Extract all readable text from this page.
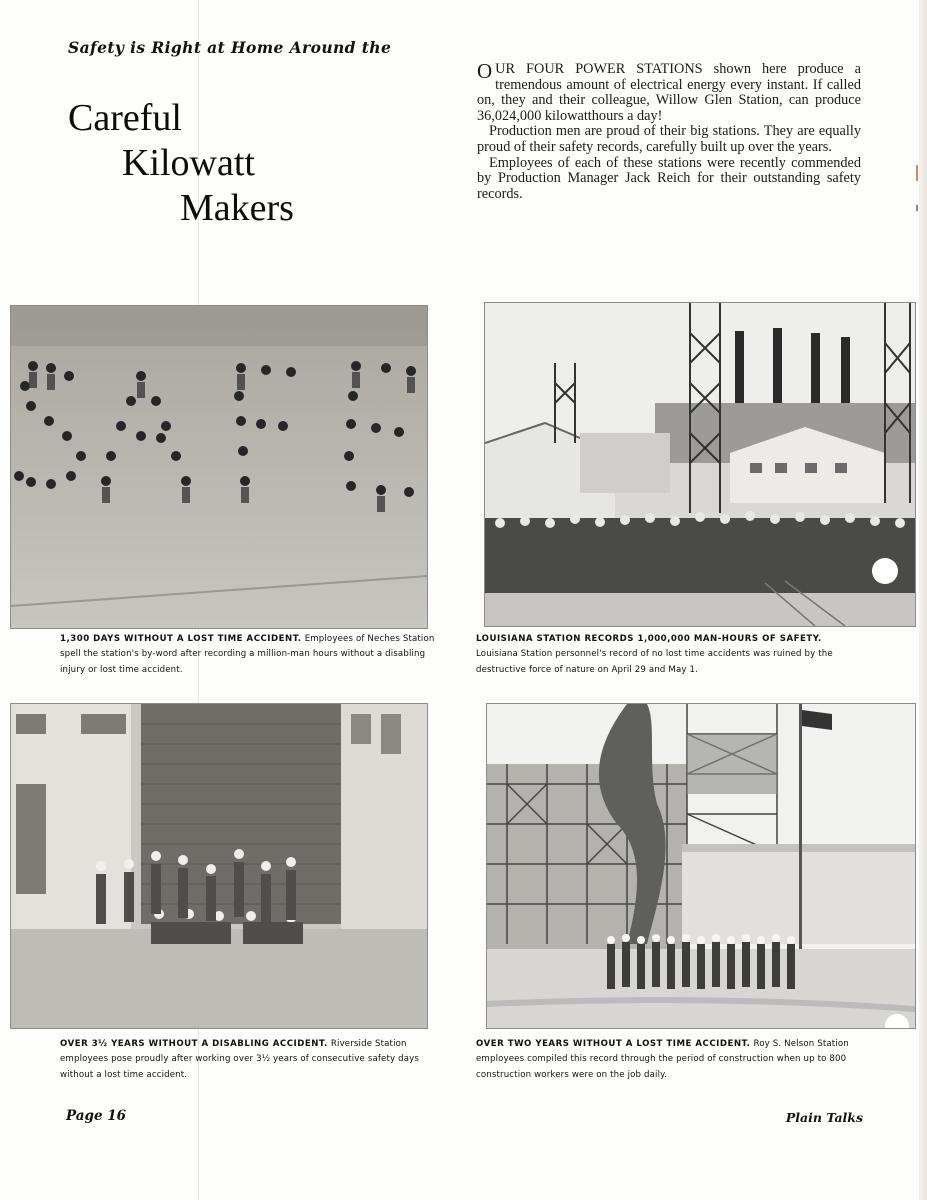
Safety is Right at Home Around the
Careful
Kilowatt
Makers

O UR FOUR POWER STATIONS shown here produce a tremendous amount of electrical energy every instant. If called on, they and their colleague, Willow Glen Station, can produce 36,024,000 kilowatthours a day!

Production men are proud of their big stations. They are equally proud of their safety records, carefully built up over the years.

Employees of each of these stations were recently commended by Production Manager Jack Reich for their outstanding safety records.

1,300 DAYS WITHOUT A LOST TIME ACCIDENT. Employees of Neches Station spell the station's by-word after recording a million-man hours without a disabling injury or lost time accident.
LOUISIANA STATION RECORDS 1,000,000 MAN-HOURS OF SAFETY. Louisiana Station personnel's record of no lost time accidents was ruined by the destructive force of nature on April 29 and May 1.
OVER 3½ YEARS WITHOUT A DISABLING ACCIDENT. Riverside Station employees pose proudly after working over 3½ years of consecutive safety days without a lost time accident.
OVER TWO YEARS WITHOUT A LOST TIME ACCIDENT. Roy S. Nelson Station employees compiled this record through the period of construction when up to 800 construction workers were on the job daily.
Page 16	Plain Talks
